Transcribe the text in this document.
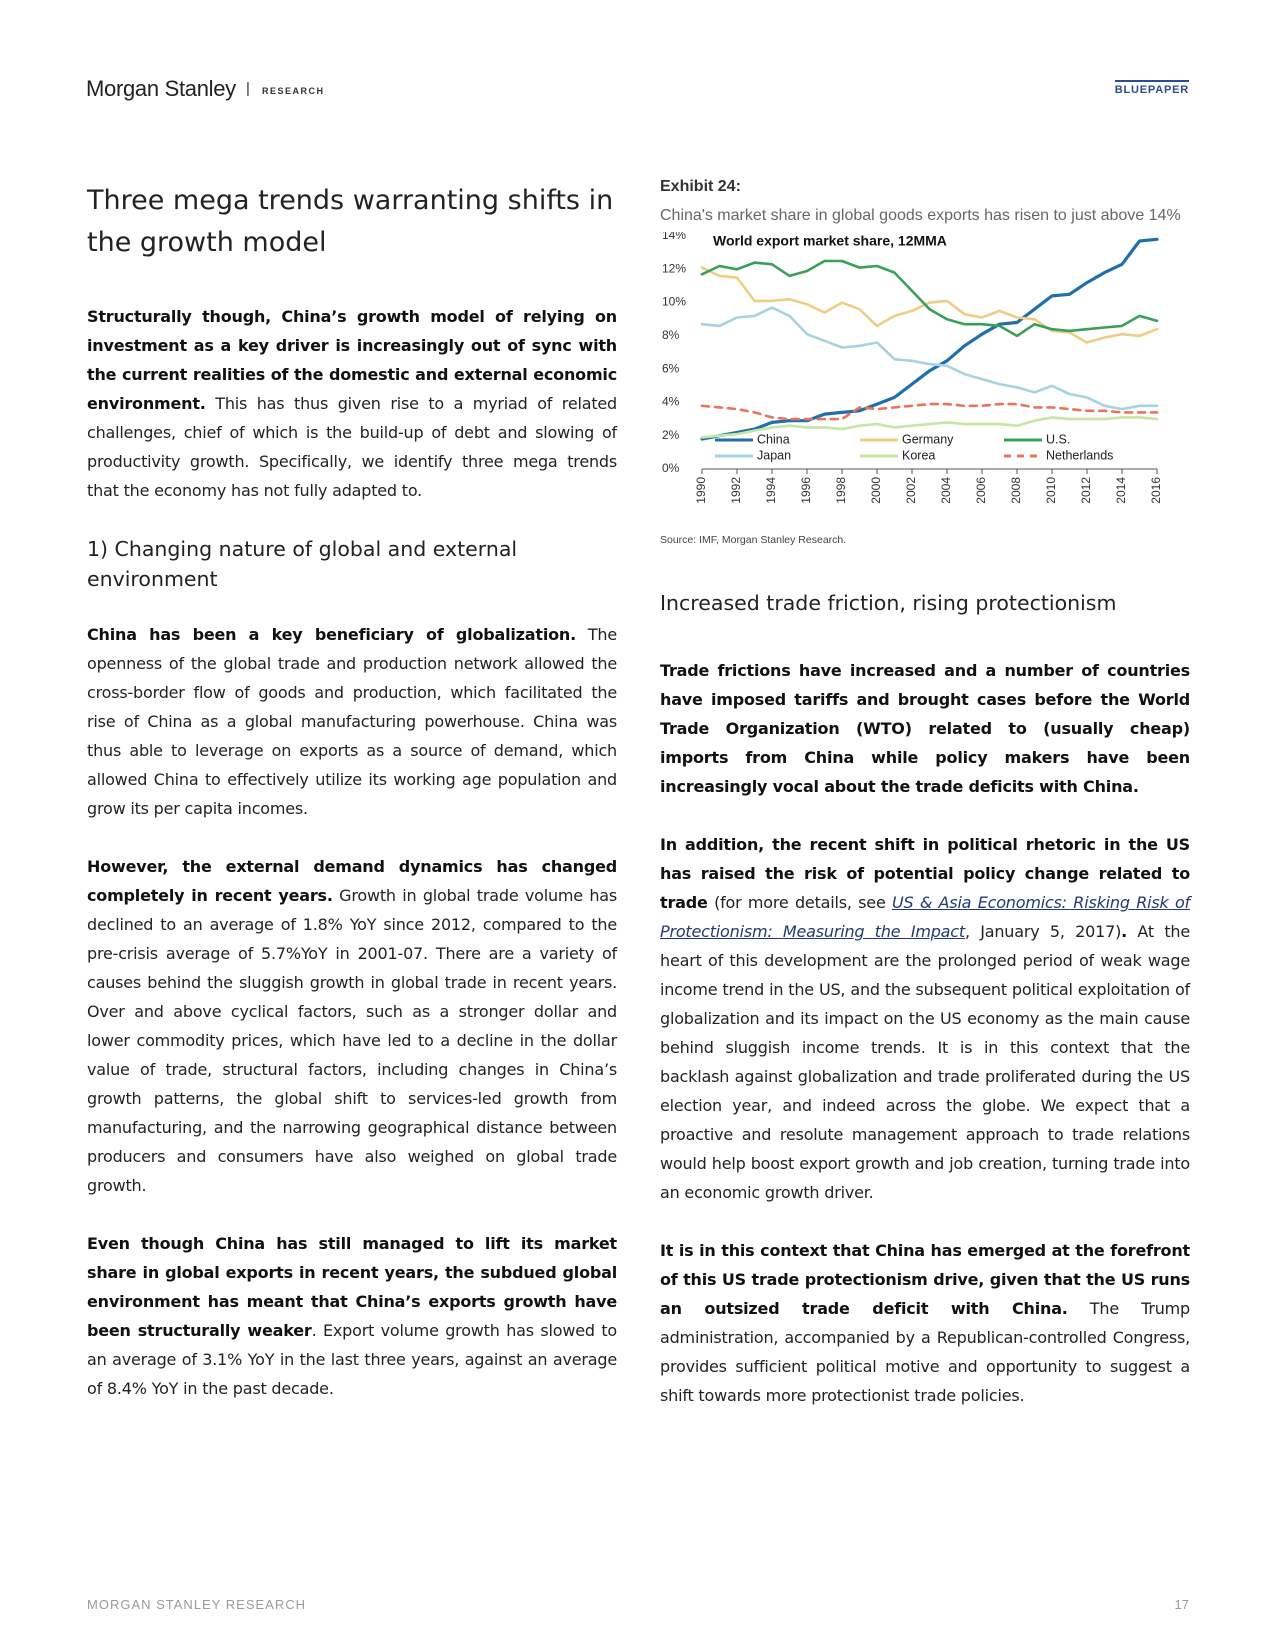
Morgan Stanley | RESEARCH	BLUEPAPER
Three mega trends warranting shifts in the growth model

Structurally though, China’s growth model of relying on investment as a key driver is increasingly out of sync with the current realities of the domestic and external economic environment. This has thus given rise to a myriad of related challenges, chief of which is the build-up of debt and slowing of productivity growth. Specifically, we identify three mega trends that the economy has not fully adapted to.

1) Changing nature of global and external environment

China has been a key beneficiary of globalization. The openness of the global trade and production network allowed the cross-border flow of goods and production, which facilitated the rise of China as a global manufacturing powerhouse. China was thus able to leverage on exports as a source of demand, which allowed China to effectively utilize its working age population and grow its per capita incomes.

However, the external demand dynamics has changed completely in recent years. Growth in global trade volume has declined to an average of 1.8% YoY since 2012, compared to the pre-crisis average of 5.7%YoY in 2001-07. There are a variety of causes behind the sluggish growth in global trade in recent years. Over and above cyclical factors, such as a stronger dollar and lower commodity prices, which have led to a decline in the dollar value of trade, structural factors, including changes in China’s growth patterns, the global shift to services-led growth from manufacturing, and the narrowing geographical distance between producers and consumers have also weighed on global trade growth.

Even though China has still managed to lift its market share in global exports in recent years, the subdued global environment has meant that China’s exports growth have been structurally weaker. Export volume growth has slowed to an average of 3.1% YoY in the last three years, against an average of 8.4% YoY in the past decade.

Exhibit 24:
China's market share in global goods exports has risen to just above 14%
World export market share, 12MMA
0%
2%
4%
6%
8%
10%
12%
14%
1990 1992 1994 1996 1998 2000 2002 2004 2006 2008 2010 2012 2014 2016
China	Germany	U.S.
Japan	Korea	Netherlands
Source: IMF, Morgan Stanley Research.
Increased trade friction, rising protectionism

Trade frictions have increased and a number of countries have imposed tariffs and brought cases before the World Trade Organization (WTO) related to (usually cheap) imports from China while policy makers have been increasingly vocal about the trade deficits with China.

In addition, the recent shift in political rhetoric in the US has raised the risk of potential policy change related to trade (for more details, see US & Asia Economics: Risking Risk of Protectionism: Measuring the Impact, January 5, 2017). At the heart of this development are the prolonged period of weak wage income trend in the US, and the subsequent political exploitation of globalization and its impact on the US economy as the main cause behind sluggish income trends. It is in this context that the backlash against globalization and trade proliferated during the US election year, and indeed across the globe. We expect that a proactive and resolute management approach to trade relations would help boost export growth and job creation, turning trade into an economic growth driver.

It is in this context that China has emerged at the forefront of this US trade protectionism drive, given that the US runs an outsized trade deficit with China. The Trump administration, accompanied by a Republican-controlled Congress, provides sufficient political motive and opportunity to suggest a shift towards more protectionist trade policies.

MORGAN STANLEY RESEARCH	17
